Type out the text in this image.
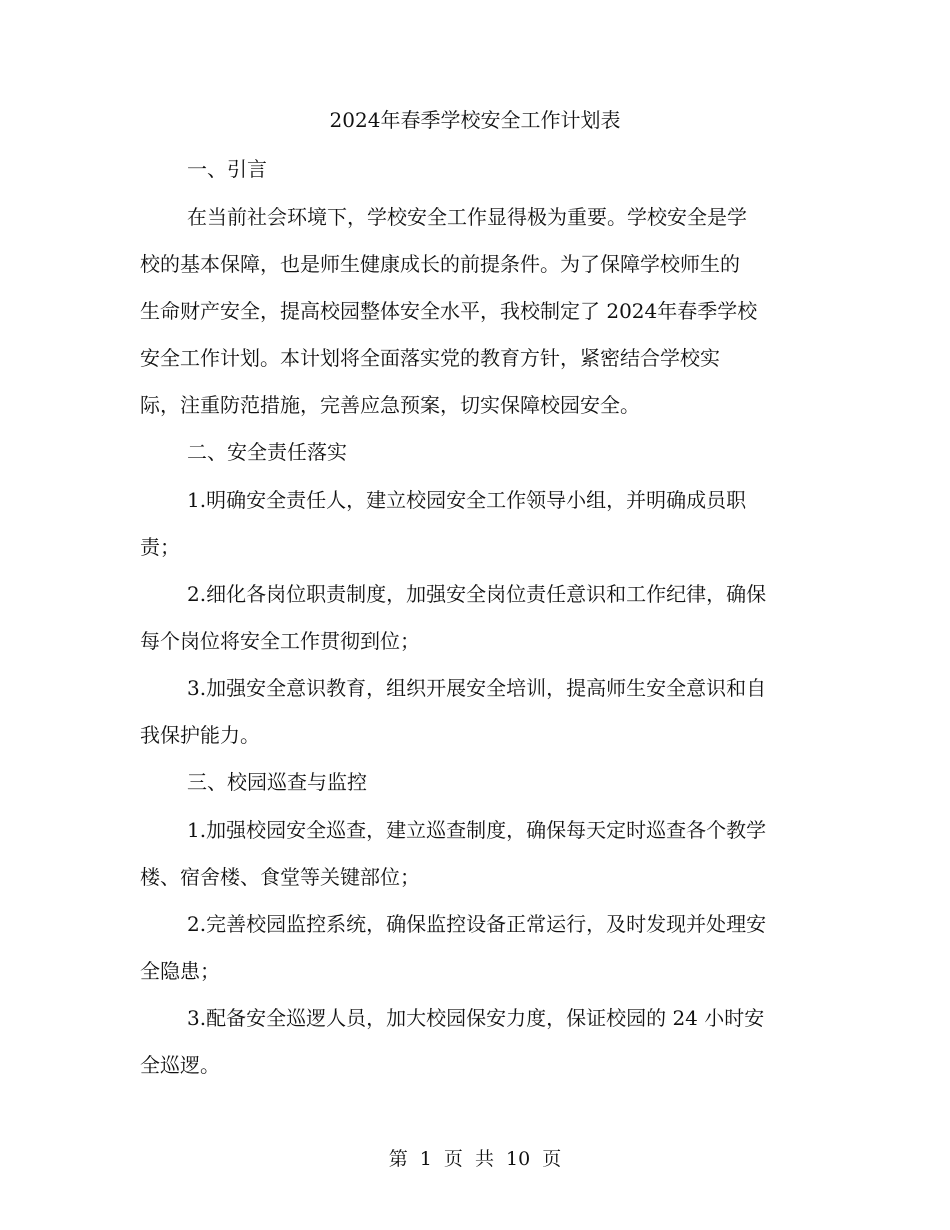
2024年春季学校安全工作计划表
一、引言
在当前社会环境下，学校安全工作显得极为重要。学校安全是学
校的基本保障，也是师生健康成长的前提条件。为了保障学校师生的
生命财产安全，提高校园整体安全水平，我校制定了 2024年春季学校
安全工作计划。本计划将全面落实党的教育方针，紧密结合学校实
际，注重防范措施，完善应急预案，切实保障校园安全。
二、安全责任落实
1.明确安全责任人，建立校园安全工作领导小组，并明确成员职
责；
2.细化各岗位职责制度，加强安全岗位责任意识和工作纪律，确保
每个岗位将安全工作贯彻到位；
3.加强安全意识教育，组织开展安全培训，提高师生安全意识和自
我保护能力。
三、校园巡查与监控
1.加强校园安全巡查，建立巡查制度，确保每天定时巡查各个教学
楼、宿舍楼、食堂等关键部位；
2.完善校园监控系统，确保监控设备正常运行，及时发现并处理安
全隐患；
3.配备安全巡逻人员，加大校园保安力度，保证校园的 24 小时安
全巡逻。
第 1 页 共 10 页
